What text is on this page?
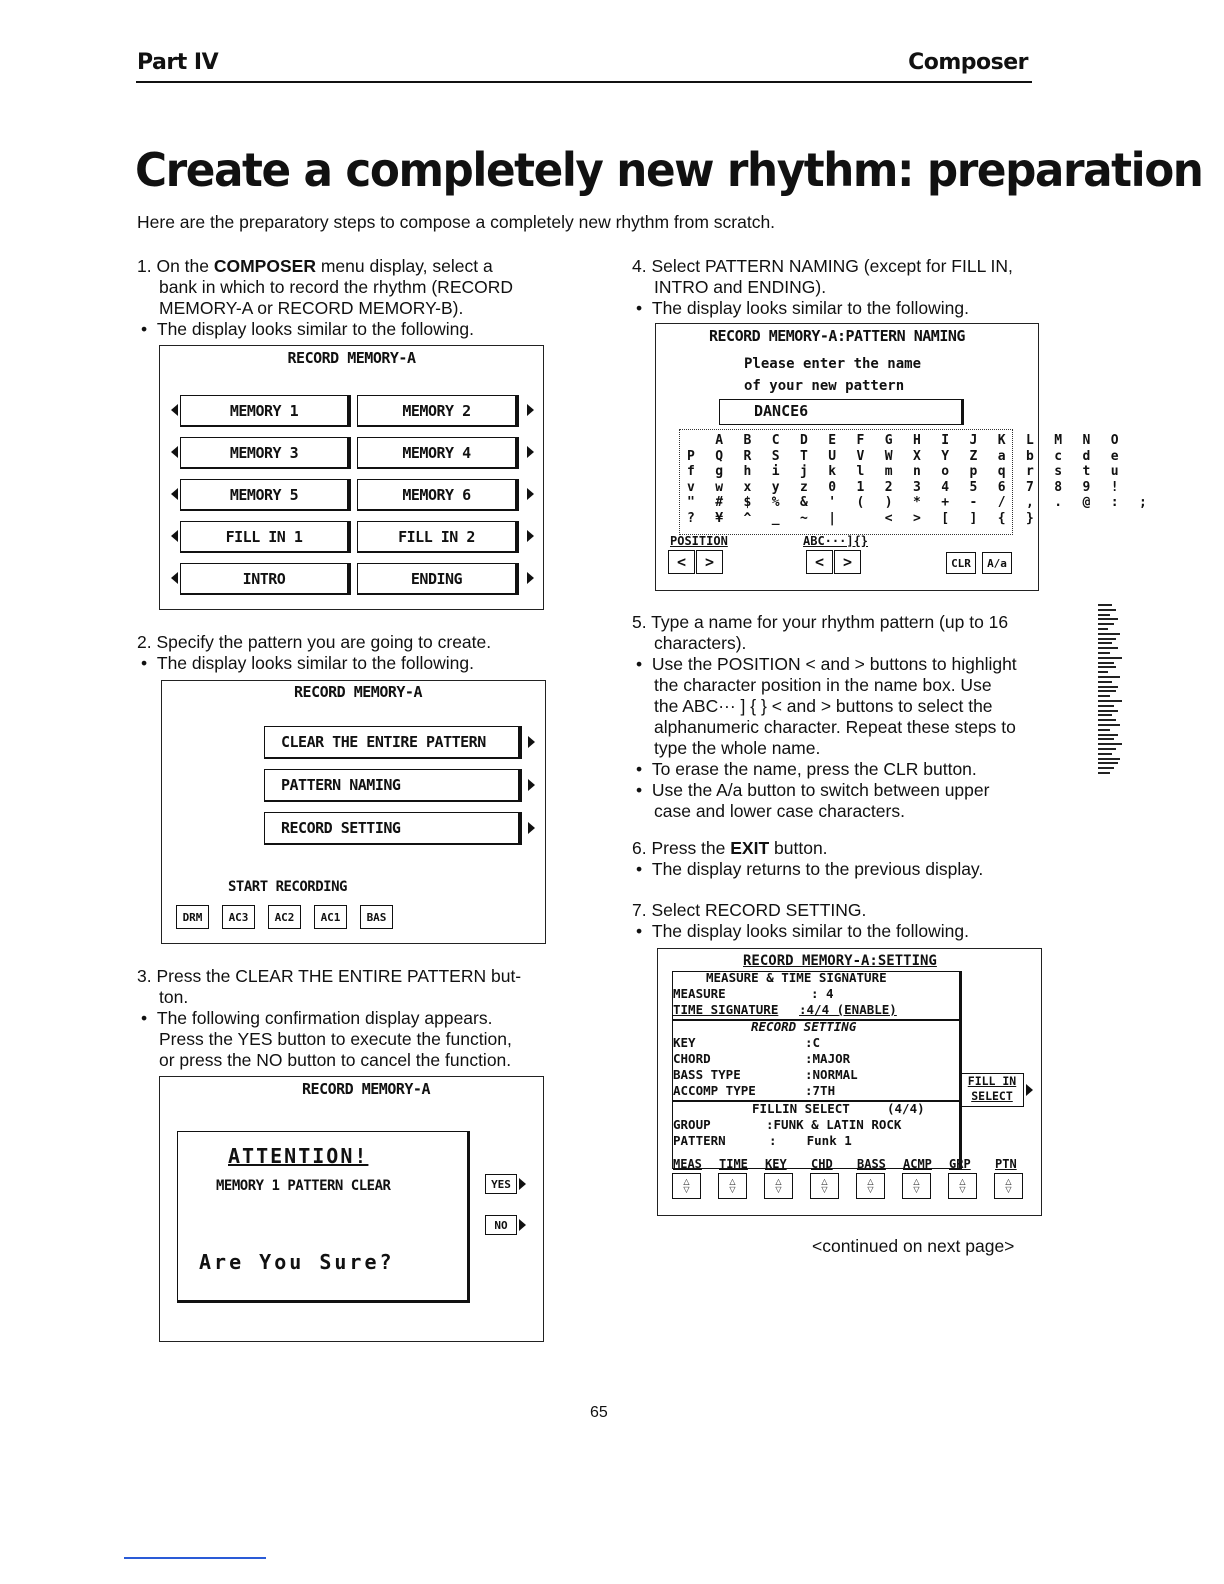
Part IV	Composer
Create a completely new rhythm: preparation
Here are the preparatory steps to compose a completely new rhythm from scratch.
1. On the COMPOSER menu display, select a
bank in which to record the rhythm (RECORD
MEMORY-A or RECORD MEMORY-B).
• The display looks similar to the following.
RECORD MEMORY-A
MEMORY 1	MEMORY 2
MEMORY 3	MEMORY 4
MEMORY 5	MEMORY 6
FILL IN 1	FILL IN 2
INTRO	ENDING
2. Specify the pattern you are going to create.
• The display looks similar to the following.
RECORD MEMORY-A
START RECORDING
CLEAR THE ENTIRE PATTERN
PATTERN NAMING
RECORD SETTING
DRM	AC3	AC2	AC1	BAS
3. Press the CLEAR THE ENTIRE PATTERN but-
ton.
• The following confirmation display appears.
Press the YES button to execute the function,
or press the NO button to cancel the function.
RECORD MEMORY-A
ATTENTION!
MEMORY 1 PATTERN CLEAR
Are You Sure?
YES
NO
4. Select PATTERN NAMING (except for FILL IN,
INTRO and ENDING).
• The display looks similar to the following.
RECORD MEMORY-A:PATTERN NAMING
Please enter the name
of your new pattern
DANCE6
A B C D E F G H I J K L M N O
P Q R S T U V W X Y Z a b c d e
f g h i j k l m n o p q r s t u
v w x y z 0 1 2 3 4 5 6 7 8 9 !
" # $ % & ' ( ) * + - / , . @ : ;
? ¥ ^ _ ~ |   < > [ ] { }
POSITION	ABC···]{}
<	>	<	>	CLR	A/a
5. Type a name for your rhythm pattern (up to 16
characters).
• Use the POSITION < and > buttons to highlight
the character position in the name box. Use
the ABC··· ] { } < and > buttons to select the
alphanumeric character. Repeat these steps to
type the whole name.
• To erase the name, press the CLR button.
• Use the A/a button to switch between upper
case and lower case characters.
6. Press the EXIT button.
• The display returns to the previous display.
7. Select RECORD SETTING.
• The display looks similar to the following.
RECORD MEMORY-A:SETTING
MEASURE & TIME SIGNATURE
MEASURE	: 4
TIME SIGNATURE :4/4 (ENABLE)
RECORD SETTING
KEY	:C
CHORD	:MAJOR
BASS TYPE	:NORMAL
ACCOMP TYPE	:7TH
FILLIN SELECT	(4/4)
GROUP	:FUNK & LATIN ROCK
PATTERN	:    Funk 1
FILL IN
SELECT
MEAS
△
▽
TIME
△
▽
KEY
△
▽
CHD
△
▽
BASS
△
▽
ACMP
△
▽
GRP
△
▽
PTN
△
▽
<continued on next page>
65
